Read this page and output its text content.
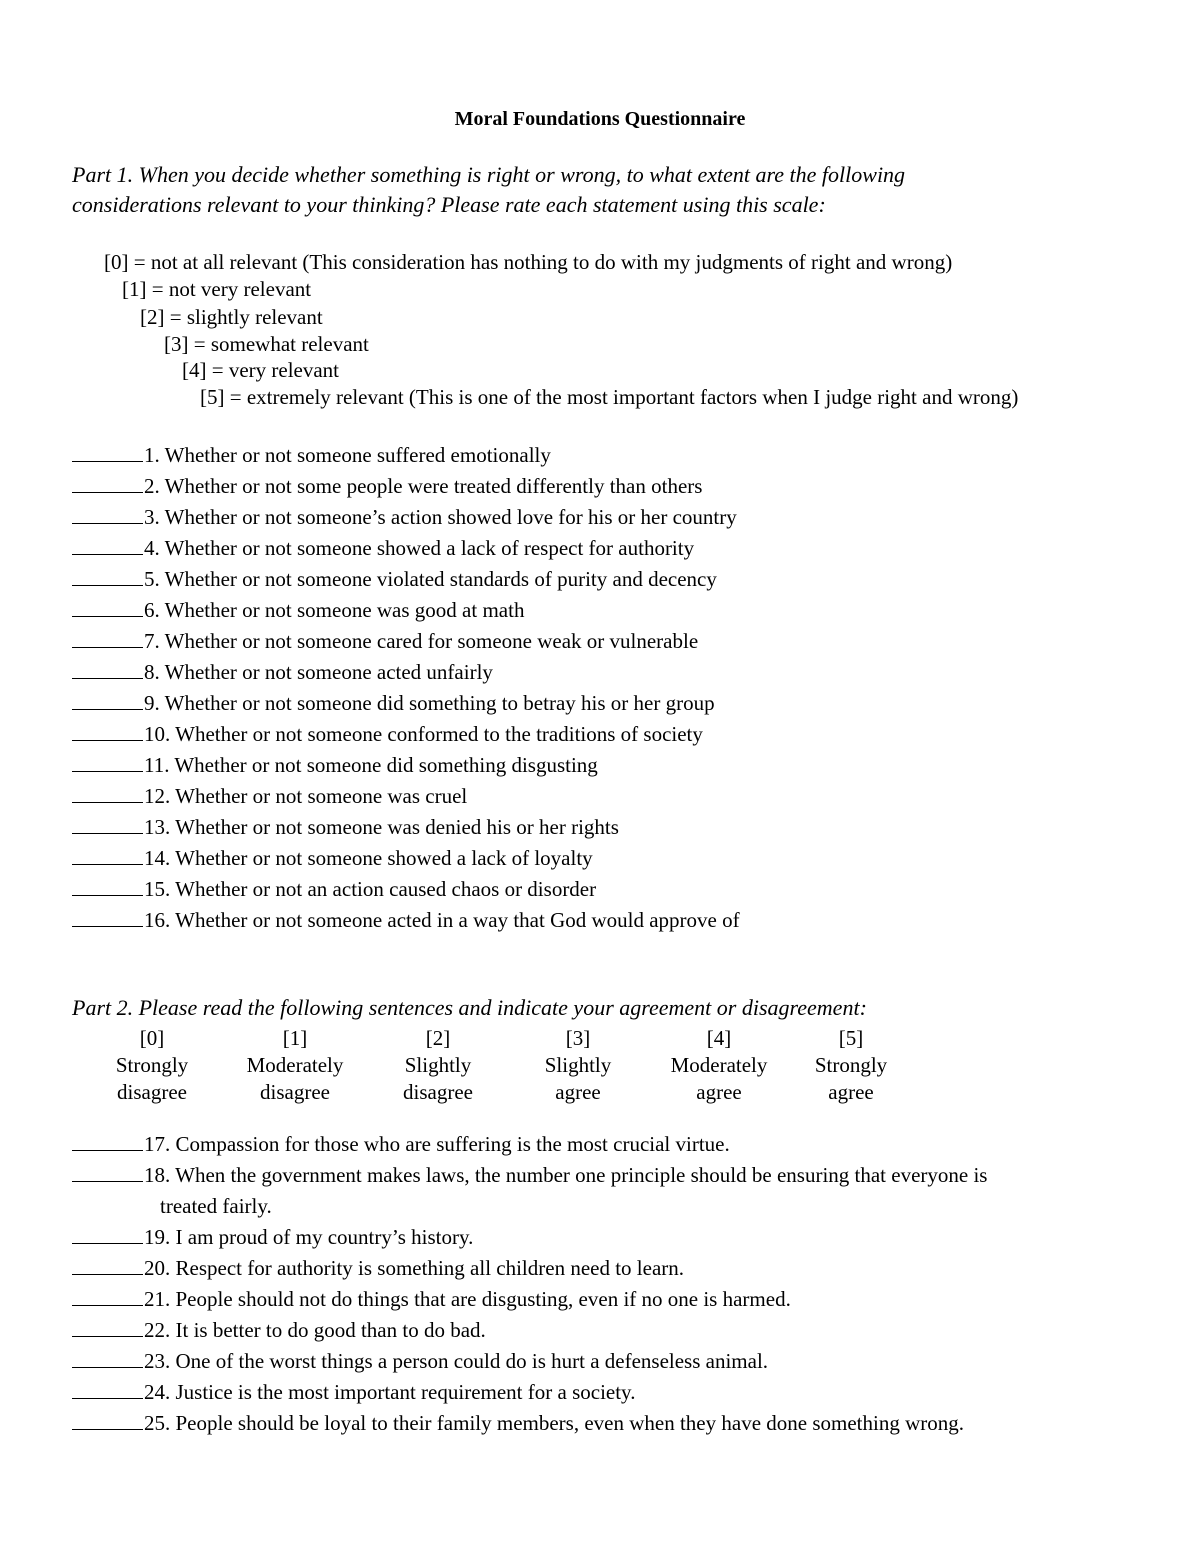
Moral Foundations Questionnaire
Part 1. When you decide whether something is right or wrong, to what extent are the following
considerations relevant to your thinking? Please rate each statement using this scale:
[0] = not at all relevant (This consideration has nothing to do with my judgments of right and wrong)
[1] = not very relevant
[2] = slightly relevant
[3] = somewhat relevant
[4] = very relevant
[5] = extremely relevant (This is one of the most important factors when I judge right and wrong)
1. Whether or not someone suffered emotionally
2. Whether or not some people were treated differently than others
3. Whether or not someone’s action showed love for his or her country
4. Whether or not someone showed a lack of respect for authority
5. Whether or not someone violated standards of purity and decency
6. Whether or not someone was good at math
7. Whether or not someone cared for someone weak or vulnerable
8. Whether or not someone acted unfairly
9. Whether or not someone did something to betray his or her group
10. Whether or not someone conformed to the traditions of society
11. Whether or not someone did something disgusting
12. Whether or not someone was cruel
13. Whether or not someone was denied his or her rights
14. Whether or not someone showed a lack of loyalty
15. Whether or not an action caused chaos or disorder
16. Whether or not someone acted in a way that God would approve of
Part 2. Please read the following sentences and indicate your agreement or disagreement:
[0]
Strongly
disagree
[1]
Moderately
disagree
[2]
Slightly
disagree
[3]
Slightly
agree
[4]
Moderately
agree
[5]
Strongly
agree
17. Compassion for those who are suffering is the most crucial virtue.
18. When the government makes laws, the number one principle should be ensuring that everyone is
treated fairly.
19. I am proud of my country’s history.
20. Respect for authority is something all children need to learn.
21. People should not do things that are disgusting, even if no one is harmed.
22. It is better to do good than to do bad.
23. One of the worst things a person could do is hurt a defenseless animal.
24. Justice is the most important requirement for a society.
25. People should be loyal to their family members, even when they have done something wrong.
